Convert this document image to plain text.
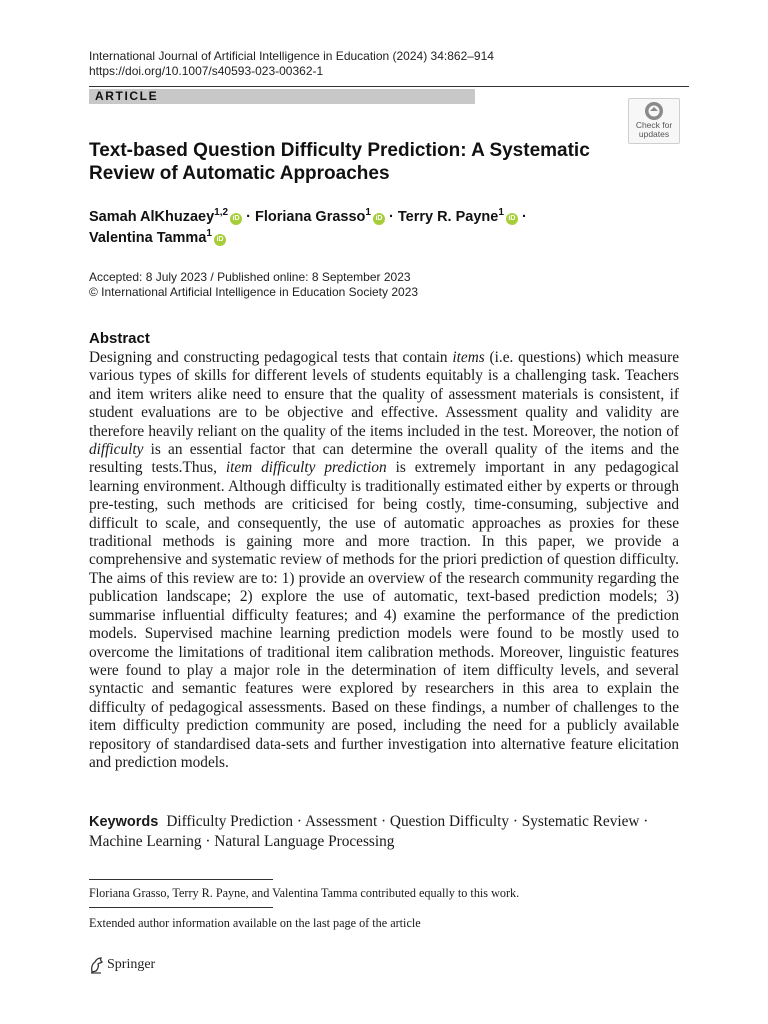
International Journal of Artificial Intelligence in Education (2024) 34:862–914
https://doi.org/10.1007/s40593-023-00362-1
ARTICLE
Check for
updates
Text-based Question Difficulty Prediction: A Systematic
Review of Automatic Approaches
Samah AlKhuzaey$^{1,2}$iD · Floriana Grasso$^1$iD · Terry R. Payne$^1$iD ·
Valentina Tamma$^1$iD
Accepted: 8 July 2023 / Published online: 8 September 2023
© International Artificial Intelligence in Education Society 2023
Abstract

Designing and constructing pedagogical tests that contain items (i.e. questions) which measure various types of skills for different levels of students equitably is a challenging task. Teachers and item writers alike need to ensure that the quality of assessment materials is consistent, if student evaluations are to be objective and effective. Assessment quality and validity are therefore heavily reliant on the quality of the items included in the test. Moreover, the notion of difficulty is an essential factor that can determine the overall quality of the items and the resulting tests.Thus, item difficulty prediction is extremely important in any pedagogical learning environment. Although difficulty is traditionally estimated either by experts or through pre-testing, such methods are criticised for being costly, time-consuming, subjective and difficult to scale, and consequently, the use of automatic approaches as proxies for these traditional methods is gaining more and more traction. In this paper, we provide a comprehensive and systematic review of methods for the priori prediction of question difficulty. The aims of this review are to: 1) provide an overview of the research community regarding the publication landscape; 2) explore the use of automatic, text-based prediction models; 3) summarise influential difficulty features; and 4) examine the performance of the prediction models. Supervised machine learning prediction models were found to be mostly used to overcome the limitations of traditional item calibration methods. Moreover, linguistic features were found to play a major role in the determination of item difficulty levels, and several syntactic and semantic features were explored by researchers in this area to explain the difficulty of pedagogical assessments. Based on these findings, a number of challenges to the item difficulty prediction community are posed, including the need for a publicly available repository of standardised data-sets and further investigation into alternative feature elicitation and prediction models.

Keywords Difficulty Prediction · Assessment · Question Difficulty · Systematic Review · Machine Learning · Natural Language Processing
Floriana Grasso, Terry R. Payne, and Valentina Tamma contributed equally to this work.
Extended author information available on the last page of the article
Springer
